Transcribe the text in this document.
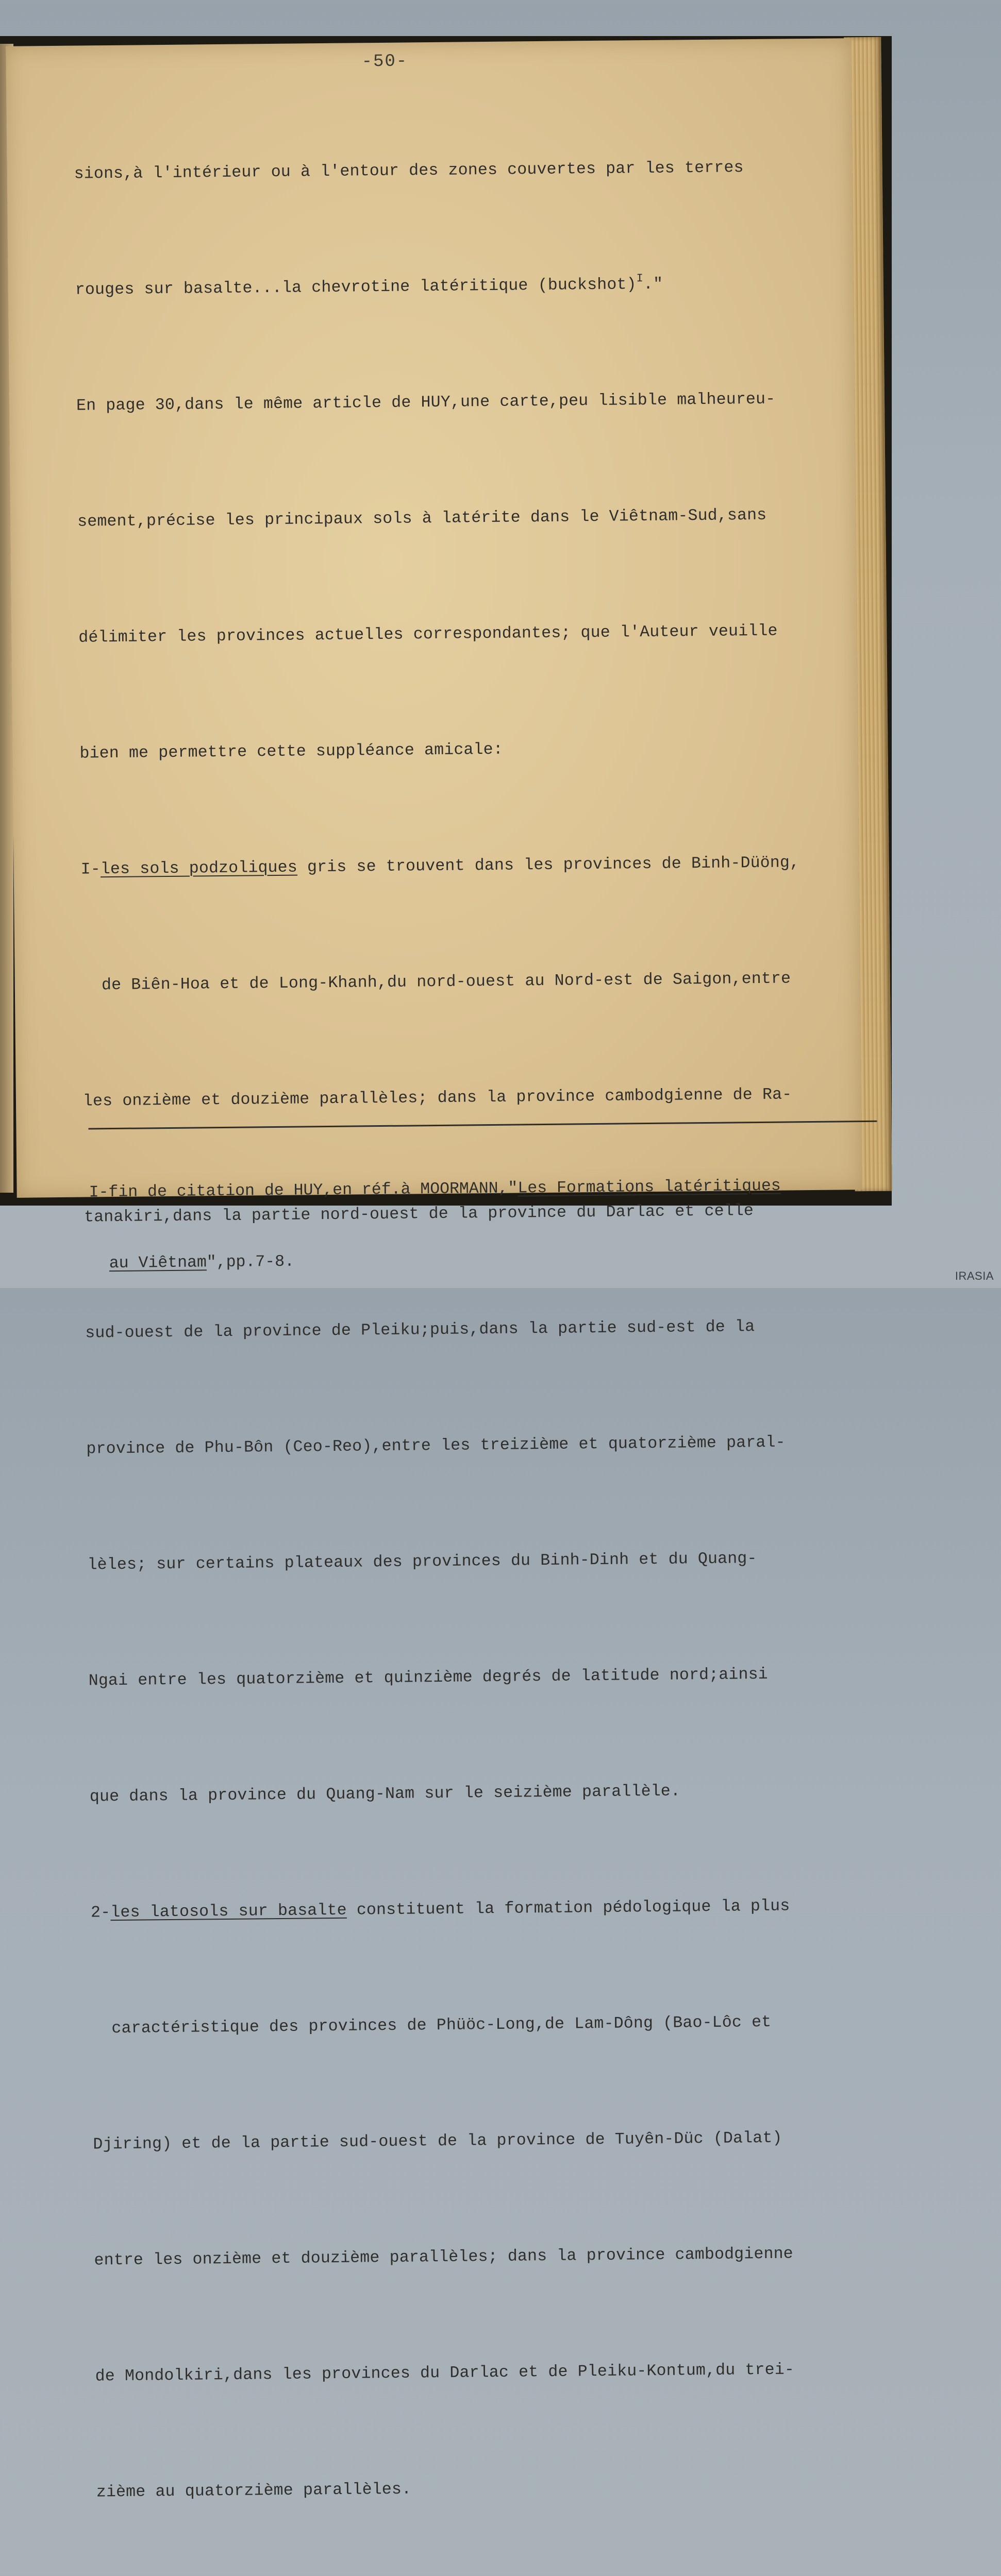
-50-

sions,à l'intérieur ou à l'entour des zones couvertes par les terres

rouges sur basalte...la chevrotine latéritique (buckshot)$^I$."

En page 30,dans le même article de HUY,une carte,peu lisible malheureu-

sement,précise les principaux sols à latérite dans le Viêtnam-Sud,sans

délimiter les provinces actuelles correspondantes; que l'Auteur veuille

bien me permettre cette suppléance amicale:

I-les sols podzoliques gris se trouvent dans les provinces de Binh-Düöng,

de Biên-Hoa et de Long-Khanh,du nord-ouest au Nord-est de Saigon,entre

les onzième et douzième parallèles; dans la province cambodgienne de Ra-

tanakiri,dans la partie nord-ouest de la province du Darlac et celle

sud-ouest de la province de Pleiku;puis,dans la partie sud-est de la

province de Phu-Bôn (Ceo-Reo),entre les treizième et quatorzième paral-

lèles; sur certains plateaux des provinces du Binh-Dinh et du Quang-

Ngai entre les quatorzième et quinzième degrés de latitude nord;ainsi

que dans la province du Quang-Nam sur le seizième parallèle.

2-les latosols sur basalte constituent la formation pédologique la plus

caractéristique des provinces de Phüöc-Long,de Lam-Dông (Bao-Lôc et

Djiring) et de la partie sud-ouest de la province de Tuyên-Düc (Dalat)

entre les onzième et douzième parallèles; dans la province cambodgienne

de Mondolkiri,dans les provinces du Darlac et de Pleiku-Kontum,du trei-

zième au quatorzième parallèles.

I-fin de citation de HUY,en réf.à MOORMANN,"Les Formations latéritiques

au Viêtnam",pp.7-8.

IRASIA
